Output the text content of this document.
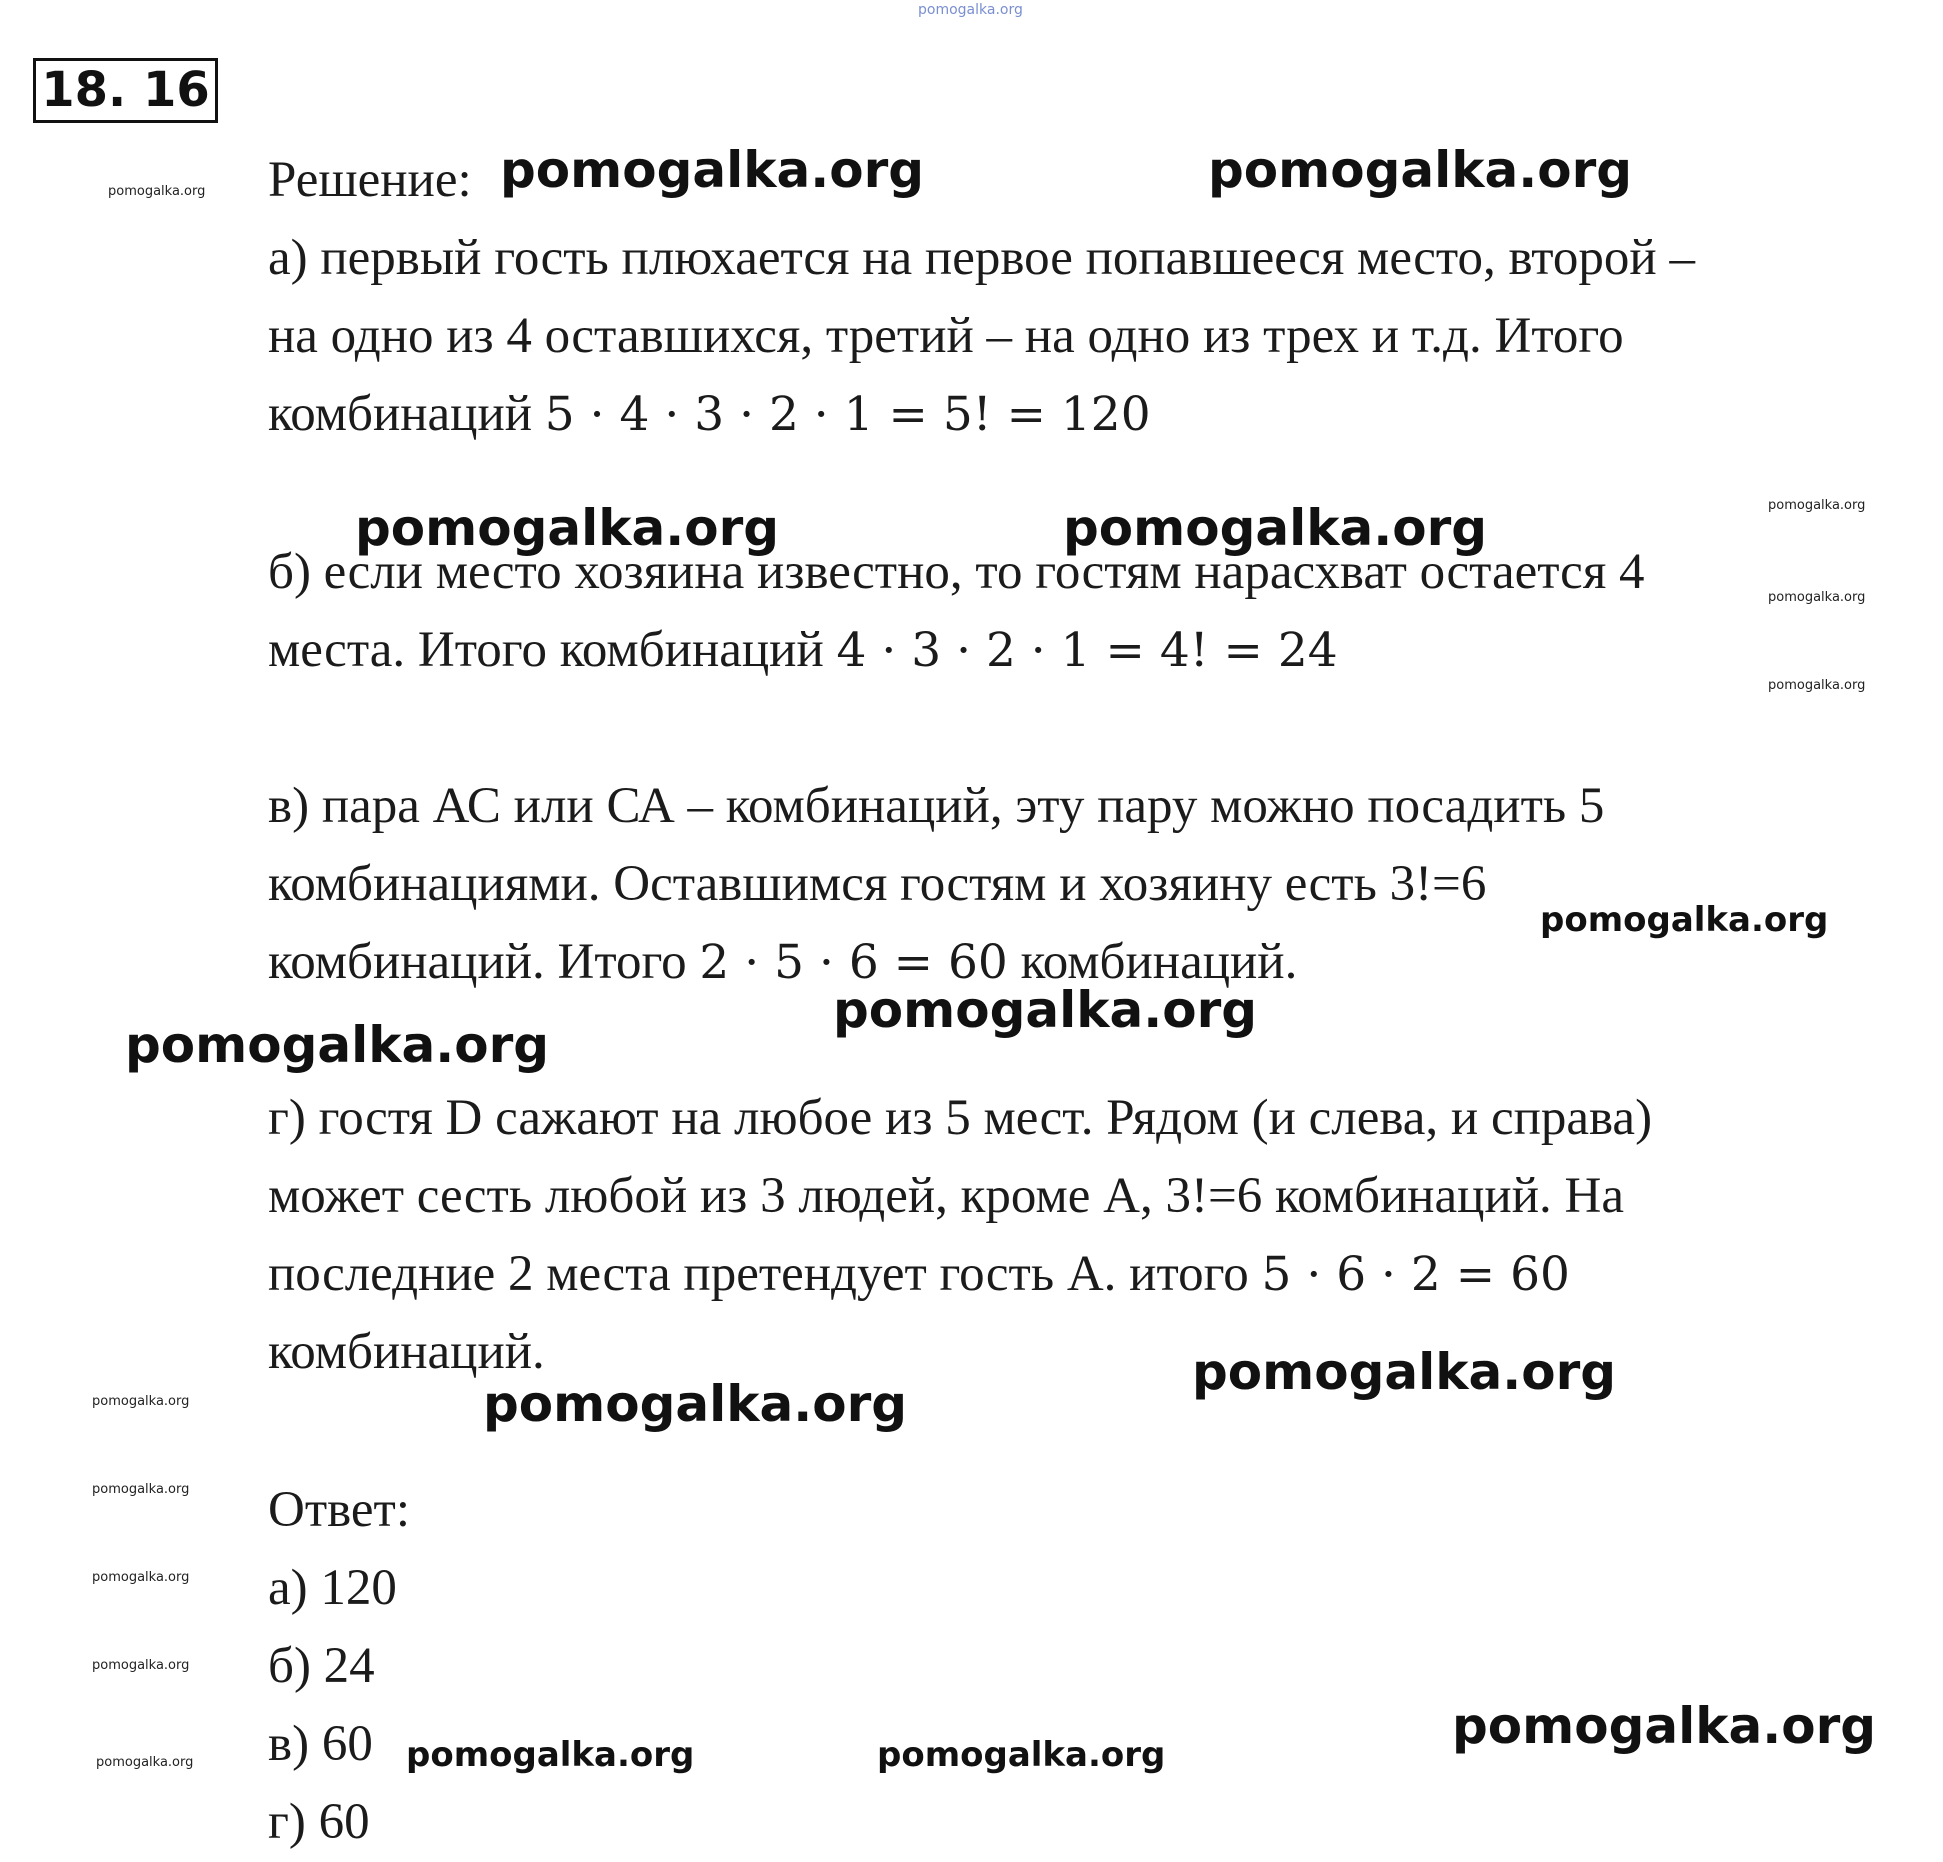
pomogalka.org
18. 16
Решение:
а) первый гость плюхается на первое попавшееся место, второй –
на одно из 4 оставшихся, третий – на одно из трех и т.д. Итого
комбинаций 5 · 4 · 3 · 2 · 1 = 5! = 120
б) если место хозяина известно, то гостям нарасхват остается 4
места. Итого комбинаций 4 · 3 · 2 · 1 = 4! = 24
в) пара АС или СА – комбинаций, эту пару можно посадить 5
комбинациями. Оставшимся гостям и хозяину есть 3!=6
комбинаций. Итого 2 · 5 · 6 = 60 комбинаций.
г) гостя D сажают на любое из 5 мест. Рядом (и слева, и справа)
может сесть любой из 3 людей, кроме А, 3!=6 комбинаций. На
последние 2 места претендует гость А. итого 5 · 6 · 2 = 60
комбинаций.
Ответ:
а) 120
б) 24
в) 60
г) 60
pomogalka.org	pomogalka.org
pomogalka.org	pomogalka.org
pomogalka.org
pomogalka.org
pomogalka.org
pomogalka.org
pomogalka.org
pomogalka.org
pomogalka.org	pomogalka.org
pomogalka.org
pomogalka.org
pomogalka.org
pomogalka.org
pomogalka.org
pomogalka.org
pomogalka.org
pomogalka.org
pomogalka.org
